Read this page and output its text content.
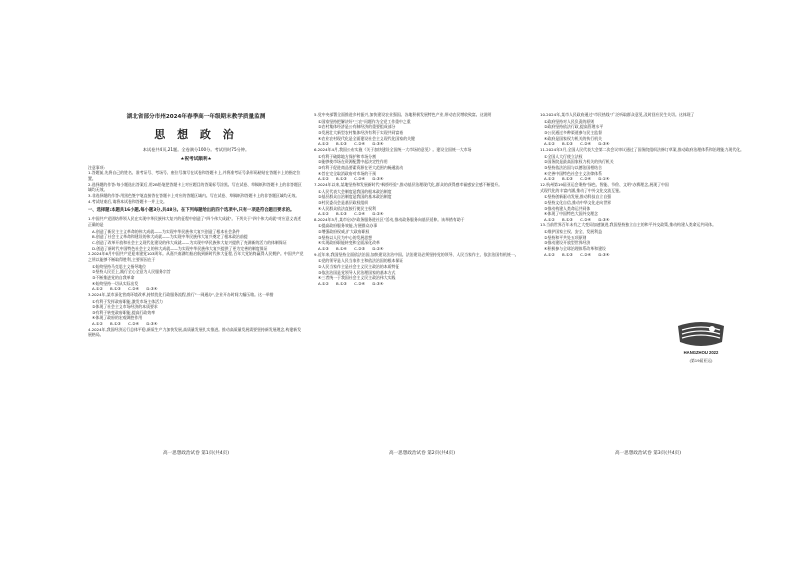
湖北省部分市州2024年春季高一年级期末教学质量监测
思 想 政 治
本试卷共4页,21题。全卷满分100分。考试用时75分钟。
★祝考试顺利★
注意事项:
1.答题前,先将自己的姓名、准考证号、考场号、座位号填写在试卷和答题卡上,并将准考证号条形码粘贴在答题卡上的指定位置。
2.选择题的作答:每小题选出答案后,用2B铅笔把答题卡上对应题目的答案标号涂黑。写在试卷、草稿纸和答题卡上的非答题区域均无效。
3.非选择题的作答:用黑色签字笔直接答在答题卡上对应的答题区域内。写在试卷、草稿纸和答题卡上的非答题区域均无效。
4.考试结束后,请将本试卷和答题卡一并上交。
一、选择题:本题共16小题,每小题3分,共48分。在下列每题给出的四个选项中,只有一项是符合题目要求的。
1.中国共产党团结带领人民在实现中华民族伟大复兴的征程中创造了"四个伟大成就"。下列关于"四个伟大成就"对应意义表述正确的是
A.创造了新民主主义革命的伟大成就——为实现中华民族伟大复兴创造了根本社会条件
B.创造了社会主义革命和建设的伟大成就——为实现中华民族伟大复兴奠定了根本政治前提
C.创造了改革开放和社会主义现代化建设的伟大成就——为实现中华民族伟大复兴提供了充满新的活力的体制保证
D.创造了新时代中国特色社会主义的伟大成就——为实现中华民族伟大复兴提供了更为完善的制度保证
2.2024年6月中国共产党迎来建党103周年。从嘉兴南湖红船启航到新时代伟大征程,百年大党始终赢得人民拥护。中国共产党之所以能够不断取得胜利,主要原因在于
①始终坚持马克思主义指导地位
②坚持人民至上,践行全心全意为人民服务宗旨
③不断推进党的自我革命
④始终坚持一切从实际出发
A.①② B.①③ C.②④ D.③④
3.2024年,某市深化营商环境改革,持续优化行政服务流程,推行"一网通办",企业开办时间大幅压缩。这一举措
①有利于发挥政府职能,激发市场主体活力
②体现了社会主义市场经济的本质要求
③有利于转变政府职能,提高行政效率
④体现了政府的宏观调控作用
A.①② B.①③ C.②④ D.③④
4.2024年,我国经济运行总体平稳,新质生产力加快发展,高质量发展扎实推进。推动高质量发展需要坚持新发展理念,构建新发展格局。
高一思想政治试卷 第1页(共4页)
5.党中央部署全面推进乡村振兴,加快建设农业强国。各地积极发展特色产业,带动农民增收致富。这说明
①国家坚持把解决好"三农"问题作为全党工作重中之重
②农村集体经济是公有制经济的重要组成部分
③发展壮大新型农村集体经济有利于实现共同富裕
④农业农村现代化是全面建设社会主义现代化国家的关键
A.①② B.①③ C.②④ D.③④
6.2024年4月,我国公布实施《关于加快建设全国统一大市场的意见》。建设全国统一大市场
①有利于破除地方保护和市场分割
②能够使市场在资源配置中起决定性作用
③有利于促进商品要素资源在更大范围内畅通流动
④旨在完全取消政府对市场的干预
A.①② B.①③ C.②④ D.③④
7.2024年以来,某地坚持和发展新时代"枫桥经验",推动基层治理现代化,群众的获得感幸福感安全感不断提升。
①人民代表大会制度是我国的根本政治制度
②基层群众自治制度是我国的基本政治制度
③村民委员会是基层政权组织
④人民群众依法直接行使民主权利
A.①② B.①③ C.②④ D.②④
8.2024年5月,某市启动"政务服务进社区"活动,推动政务服务向基层延伸。该举措有助于
①提高政府服务效能,方便群众办事
②增强政府权威,扩大政府职权
③坚持以人民为中心的发展思想
④实现政府职能转变和全面深化改革
A.①③ B.①④ C.②③ D.②④
9.近年来,我国坚持全面依法治国,加快建设法治中国。法治建设必须坚持党的领导、人民当家作主、依法治国有机统一。
①党的领导是人民当家作主和依法治国的根本保证
②人民当家作主是社会主义民主政治的本质特征
③依法治国是党领导人民治理国家的基本方式
④三者统一于我国社会主义民主政治伟大实践
A.①② B.①③ C.②④ D.③④
高一思想政治试卷 第2页(共4页)
10.2024年,某市人民政府通过"市民热线"广泛听取群众意见,及时回应民生关切。这体现了
①政府坚持对人民负责的原则
②政府坚持依法行政,提高管理水平
③公民通过多种渠道参与民主监督
④政府是国家权力机关的执行机关
A.①② B.①③ C.②④ D.③④
11.2024年3月,全国人民代表大会第二次会议审议通过了国务院组织法修订草案,推动政府治理体系和治理能力现代化。
①全国人大行使立法权
②国务院是最高国家权力机关的执行机关
③坚持依法治国与以德治国相结合
④完善中国特色社会主义法律体系
A.①② B.①③ C.②④ D.①④
12.杭州第19届亚运会秉持"绿色、智能、节俭、文明"办赛理念,展现了中国式现代化的丰富内涵,推动了中外文化交流互鉴。
①坚持创新驱动发展,推动科技自立自强
②坚持文化自信,推动中华文化走向世界
③推动构建人类命运共同体
④体现了中国特色大国外交理念
A.①② B.①③ C.②④ D.③④
13.当前世界百年未有之大变局加速演进,我国坚持独立自主的和平外交政策,推动构建人类命运共同体。
①维护国家主权、安全、发展利益
②坚持和平共处五项原则
③推动建设开放型世界经济
④积极参与全球治理体系改革和建设
A.①② B.①③ C.②④ D.③④
高一思想政治试卷 第3页(共4页)
HANGZHOU 2022
(第19届亚运)
